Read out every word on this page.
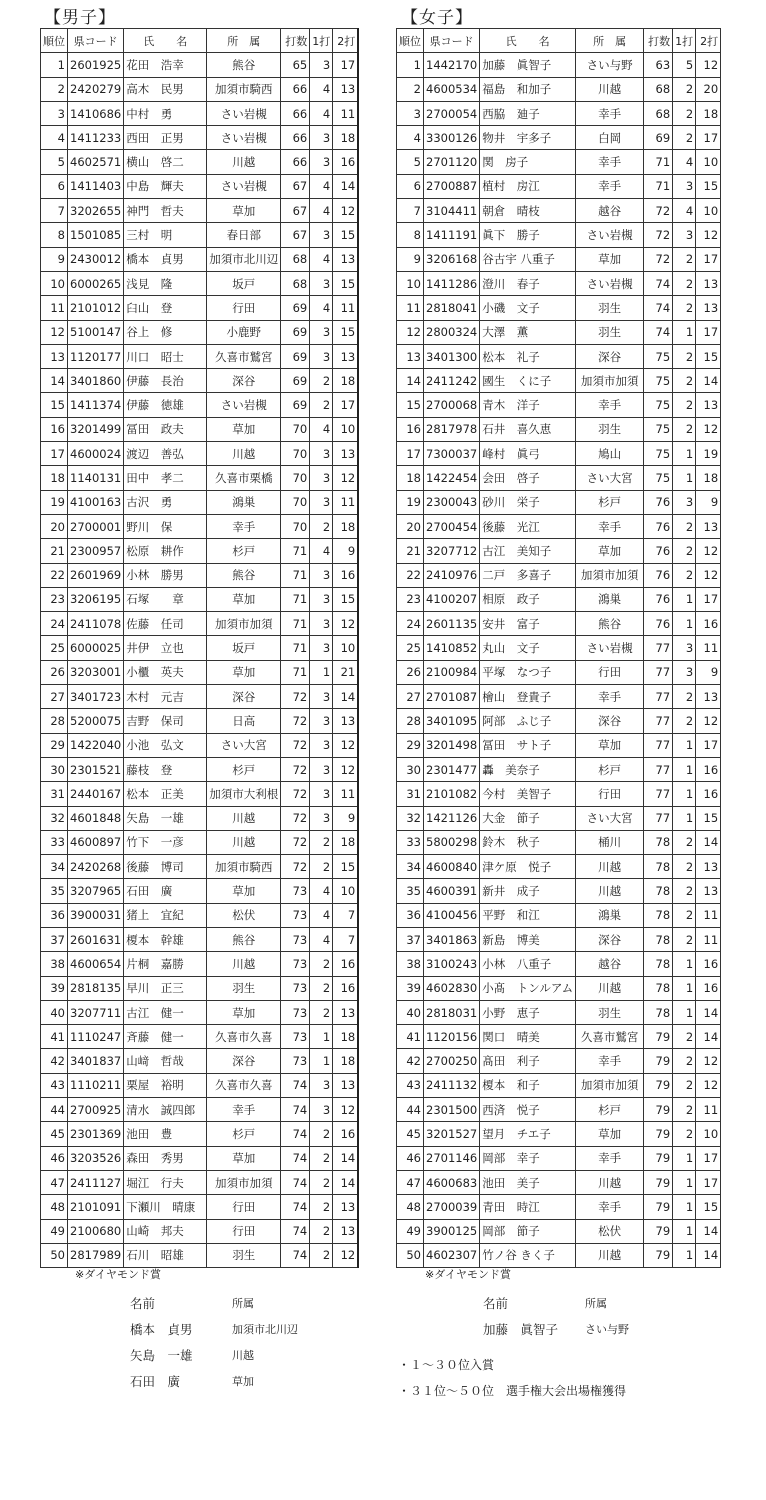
【男子】	【女子】
順位	県コード	氏　　名	所　属	打数	1打	2打
1	2601925	花田　浩幸	熊谷	65	3	17
2	2420279	高木　民男	加須市騎西	66	4	13
3	1410686	中村　勇	さい岩槻	66	4	11
4	1411233	西田　正男	さい岩槻	66	3	18
5	4602571	横山　啓二	川越	66	3	16
6	1411403	中島　輝夫	さい岩槻	67	4	14
7	3202655	神門　哲夫	草加	67	4	12
8	1501085	三村　明	春日部	67	3	15
9	2430012	橋本　貞男	加須市北川辺	68	4	13
10	6000265	浅見　隆	坂戸	68	3	15
11	2101012	臼山　登	行田	69	4	11
12	5100147	谷上　修	小鹿野	69	3	15
13	1120177	川口　昭士	久喜市鷲宮	69	3	13
14	3401860	伊藤　長治	深谷	69	2	18
15	1411374	伊藤　徳雄	さい岩槻	69	2	17
16	3201499	冨田　政夫	草加	70	4	10
17	4600024	渡辺　善弘	川越	70	3	13
18	1140131	田中　孝二	久喜市栗橋	70	3	12
19	4100163	古沢　勇	鴻巣	70	3	11
20	2700001	野川　保	幸手	70	2	18
21	2300957	松原　耕作	杉戸	71	4	9
22	2601969	小林　勝男	熊谷	71	3	16
23	3206195	石塚　　章	草加	71	3	15
24	2411078	佐藤　任司	加須市加須	71	3	12
25	6000025	井伊　立也	坂戸	71	3	10
26	3203001	小櫃　英夫	草加	71	1	21
27	3401723	木村　元吉	深谷	72	3	14
28	5200075	吉野　保司	日高	72	3	13
29	1422040	小池　弘文	さい大宮	72	3	12
30	2301521	藤枝　登	杉戸	72	3	12
31	2440167	松本　正美	加須市大利根	72	3	11
32	4601848	矢島　一雄	川越	72	3	9
33	4600897	竹下　一彦	川越	72	2	18
34	2420268	後藤　博司	加須市騎西	72	2	15
35	3207965	石田　廣	草加	73	4	10
36	3900031	猪上　宜紀	松伏	73	4	7
37	2601631	榎本　幹雄	熊谷	73	4	7
38	4600654	片桐　嘉勝	川越	73	2	16
39	2818135	早川　正三	羽生	73	2	16
40	3207711	古江　健一	草加	73	2	13
41	1110247	斉藤　健一	久喜市久喜	73	1	18
42	3401837	山﨑　哲哉	深谷	73	1	18
43	1110211	栗屋　裕明	久喜市久喜	74	3	13
44	2700925	清水　誠四郎	幸手	74	3	12
45	2301369	池田　豊	杉戸	74	2	16
46	3203526	森田　秀男	草加	74	2	14
47	2411127	堀江　行夫	加須市加須	74	2	14
48	2101091	下瀬川　晴康	行田	74	2	13
49	2100680	山崎　邦夫	行田	74	2	13
50	2817989	石川　昭雄	羽生	74	2	12
順位	県コード	氏　　名	所　属	打数	1打	2打
1	1442170	加藤　眞智子	さい与野	63	5	12
2	4600534	福島　和加子	川越	68	2	20
3	2700054	西脇　廸子	幸手	68	2	18
4	3300126	物井　宇多子	白岡	69	2	17
5	2701120	関　房子	幸手	71	4	10
6	2700887	植村　房江	幸手	71	3	15
7	3104411	朝倉　晴枝	越谷	72	4	10
8	1411191	眞下　勝子	さい岩槻	72	3	12
9	3206168	谷古宇 八重子	草加	72	2	17
10	1411286	澄川　春子	さい岩槻	74	2	13
11	2818041	小磯　文子	羽生	74	2	13
12	2800324	大澤　薫	羽生	74	1	17
13	3401300	松本　礼子	深谷	75	2	15
14	2411242	國生　くに子	加須市加須	75	2	14
15	2700068	青木　洋子	幸手	75	2	13
16	2817978	石井　喜久恵	羽生	75	2	12
17	7300037	峰村　眞弓	鳩山	75	1	19
18	1422454	会田　啓子	さい大宮	75	1	18
19	2300043	砂川　栄子	杉戸	76	3	9
20	2700454	後藤　光江	幸手	76	2	13
21	3207712	古江　美知子	草加	76	2	12
22	2410976	二戸　多喜子	加須市加須	76	2	12
23	4100207	相原　政子	鴻巣	76	1	17
24	2601135	安井　富子	熊谷	76	1	16
25	1410852	丸山　文子	さい岩槻	77	3	11
26	2100984	平塚　なつ子	行田	77	3	9
27	2701087	檜山　登貴子	幸手	77	2	13
28	3401095	阿部　ふじ子	深谷	77	2	12
29	3201498	冨田　サト子	草加	77	1	17
30	2301477	轟　美奈子	杉戸	77	1	16
31	2101082	今村　美智子	行田	77	1	16
32	1421126	大金　節子	さい大宮	77	1	15
33	5800298	鈴木　秋子	桶川	78	2	14
34	4600840	津ケ原　悦子	川越	78	2	13
35	4600391	新井　成子	川越	78	2	13
36	4100456	平野　和江	鴻巣	78	2	11
37	3401863	新島　博美	深谷	78	2	11
38	3100243	小林　八重子	越谷	78	1	16
39	4602830	小髙　トンルアム	川越	78	1	16
40	2818031	小野　恵子	羽生	78	1	14
41	1120156	関口　晴美	久喜市鷲宮	79	2	14
42	2700250	髙田　利子	幸手	79	2	12
43	2411132	榎本　和子	加須市加須	79	2	12
44	2301500	西済　悦子	杉戸	79	2	11
45	3201527	望月　チエ子	草加	79	2	10
46	2701146	岡部　幸子	幸手	79	1	17
47	4600683	池田　美子	川越	79	1	17
48	2700039	青田　時江	幸手	79	1	15
49	3900125	岡部　節子	松伏	79	1	14
50	4602307	竹ノ谷 きく子	川越	79	1	14
※ダイヤモンド賞
名前	所属
橋本　貞男	加須市北川辺
矢島　一雄	川越
石田　廣	草加
※ダイヤモンド賞
名前	所属
加藤　眞智子 さい与野
・１～３０位入賞
・３１位～５０位　選手権大会出場権獲得
